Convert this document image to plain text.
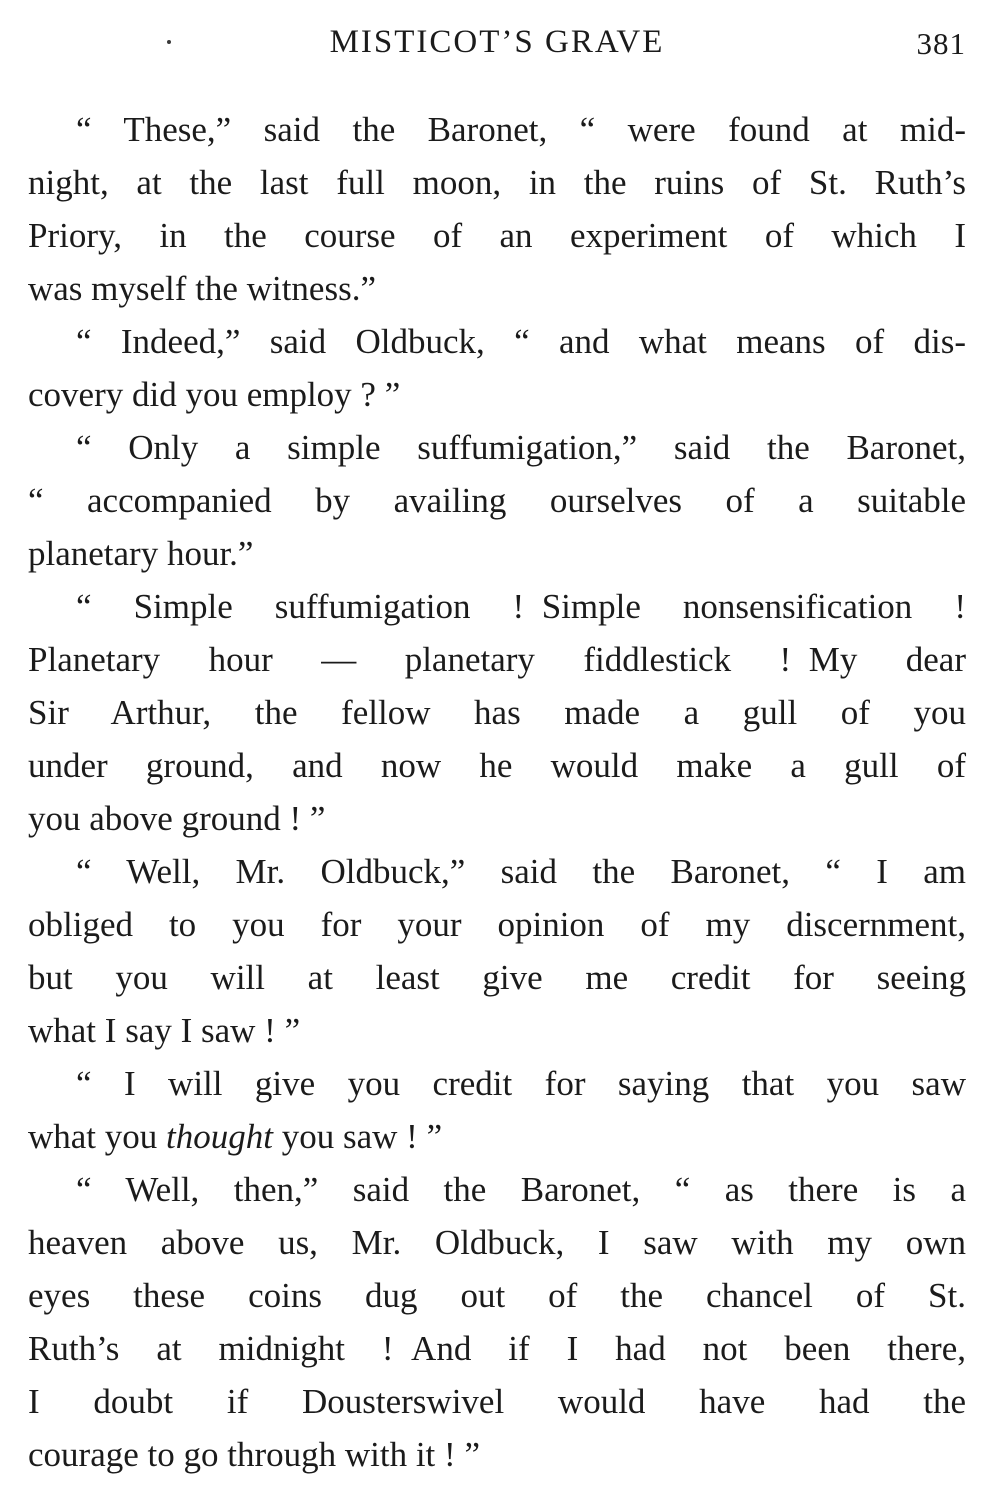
MISTICOT’S GRAVE	381
“ These,” said the Baronet, “ were found at mid-
night, at the last full moon, in the ruins of St. Ruth’s
Priory, in the course of an experiment of which I
was myself the witness.”
“ Indeed,” said Oldbuck, “ and what means of dis-
covery did you employ ? ”
“ Only a simple suffumigation,” said the Baronet,
“ accompanied by availing ourselves of a suitable
planetary hour.”
“ Simple suffumigation ! Simple nonsensification !
Planetary hour — planetary fiddlestick ! My dear
Sir Arthur, the fellow has made a gull of you
under ground, and now he would make a gull of
you above ground ! ”
“ Well, Mr. Oldbuck,” said the Baronet, “ I am
obliged to you for your opinion of my discernment,
but you will at least give me credit for seeing
what I say I saw ! ”
“ I will give you credit for saying that you saw
what you thought you saw ! ”
“ Well, then,” said the Baronet, “ as there is a
heaven above us, Mr. Oldbuck, I saw with my own
eyes these coins dug out of the chancel of St.
Ruth’s at midnight ! And if I had not been there,
I doubt if Dousterswivel would have had the
courage to go through with it ! ”
